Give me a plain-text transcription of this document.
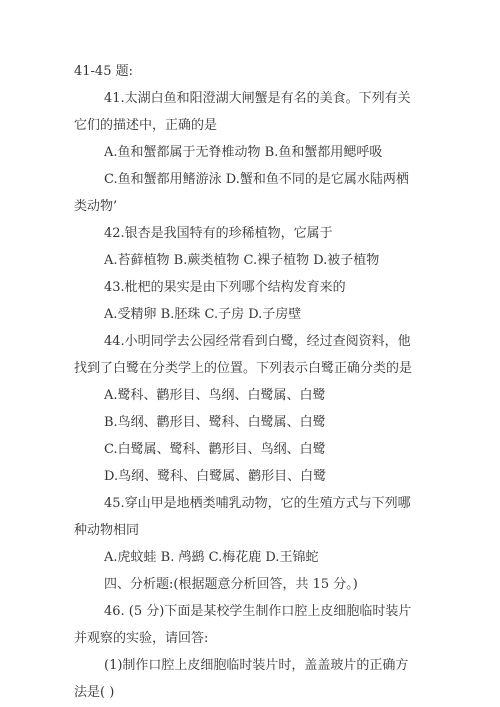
41-45 题:
41.太湖白鱼和阳澄湖大闸蟹是有名的美食。下列有关
它们的描述中，正确的是
A.鱼和蟹都属于无脊椎动物 B.鱼和蟹都用鳃呼吸
C.鱼和蟹都用鳍游泳 D.蟹和鱼不同的是它属水陆两栖
类动物’
42.银杏是我国特有的珍稀植物，它属于
A.苔藓植物 B.蕨类植物 C.裸子植物 D.被子植物
43.枇杷的果实是由下列哪个结构发育来的
A.受精卵 B.胚珠 C.子房 D.子房壁
44.小明同学去公园经常看到白鹭，经过查阅资料，他
找到了白鹭在分类学上的位置。下列表示白鹭正确分类的是
A.鹭科、鹳形目、鸟纲、白鹭属、白鹭
B.鸟纲、鹳形目、鹭科、白鹭属、白鹭
C.白鹭属、鹭科、鹳形目、鸟纲、白鹭
D.鸟纲、鹭科、白鹭属、鹳形目、白鹭
45.穿山甲是地栖类哺乳动物，它的生殖方式与下列哪
种动物相同
A.虎蚊蛙 B. 鸬鹚 C.梅花鹿 D.王锦蛇
四、分析题:(根据题意分析回答，共 15 分。)
46. (5 分)下面是某校学生制作口腔上皮细胞临时装片
并观察的实验，请回答:
(1)制作口腔上皮细胞临时装片时，盖盖玻片的正确方
法是( )
